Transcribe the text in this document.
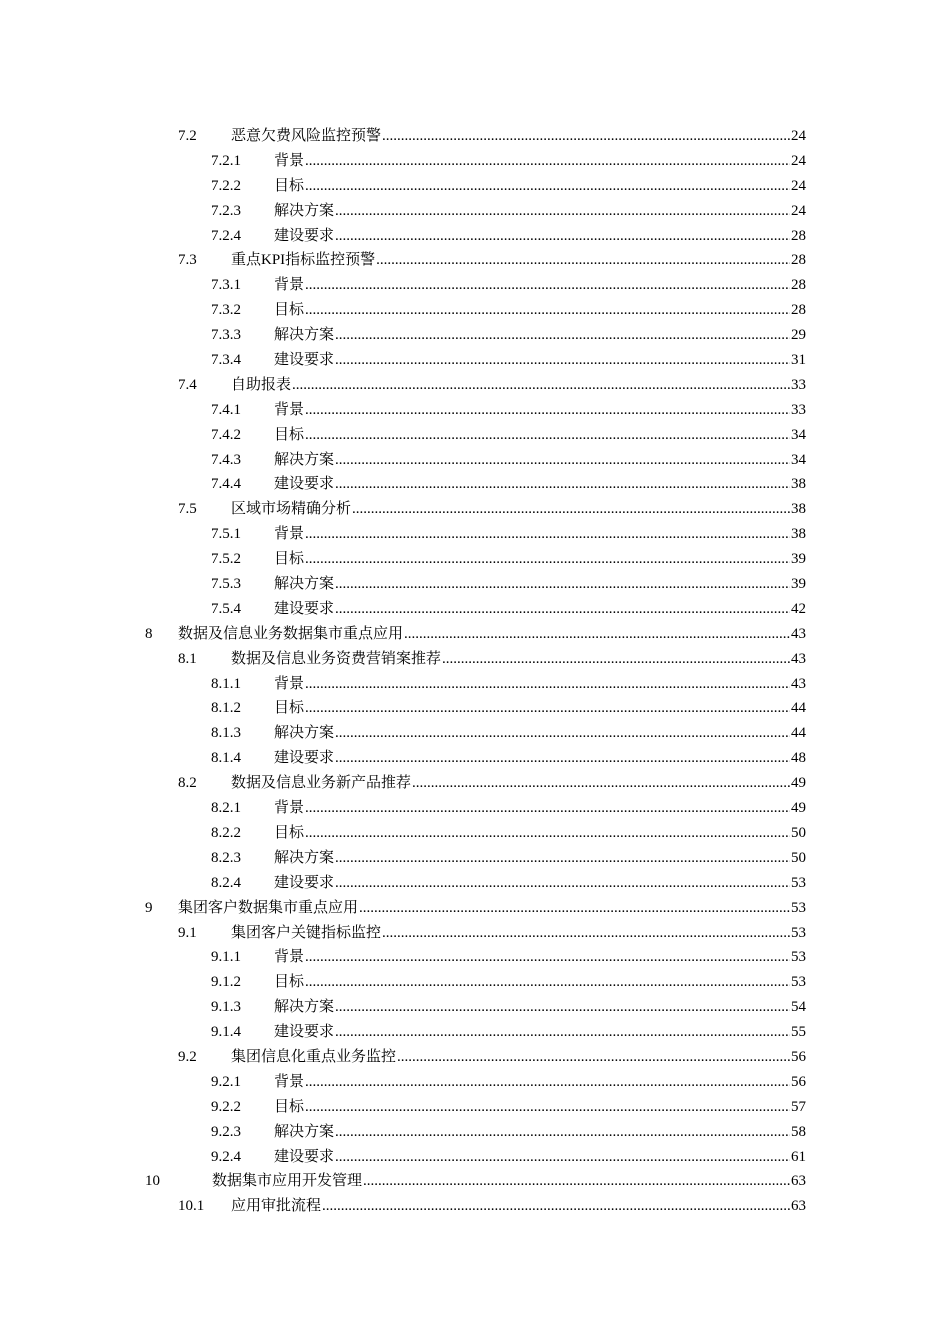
7.2 恶意欠费风险监控预警 .....	24
7.2.1 背景 .....	24
7.2.2 目标 .....	24
7.2.3 解决方案 .....	24
7.2.4 建设要求 .....	28
7.3 重点KPI指标监控预警 .....	28
7.3.1 背景 .....	28
7.3.2 目标 .....	28
7.3.3 解决方案 .....	29
7.3.4 建设要求 .....	31
7.4 自助报表 .....	33
7.4.1 背景 .....	33
7.4.2 目标 .....	34
7.4.3 解决方案 .....	34
7.4.4 建设要求 .....	38
7.5 区域市场精确分析 .....	38
7.5.1 背景 .....	38
7.5.2 目标 .....	39
7.5.3 解决方案 .....	39
7.5.4 建设要求 .....	42
8 数据及信息业务数据集市重点应用 .....	43
8.1 数据及信息业务资费营销案推荐 .....	43
8.1.1 背景 .....	43
8.1.2 目标 .....	44
8.1.3 解决方案 .....	44
8.1.4 建设要求 .....	48
8.2 数据及信息业务新产品推荐 .....	49
8.2.1 背景 .....	49
8.2.2 目标 .....	50
8.2.3 解决方案 .....	50
8.2.4 建设要求 .....	53
9 集团客户数据集市重点应用 .....	53
9.1 集团客户关键指标监控 .....	53
9.1.1 背景 .....	53
9.1.2 目标 .....	53
9.1.3 解决方案 .....	54
9.1.4 建设要求 .....	55
9.2 集团信息化重点业务监控 .....	56
9.2.1 背景 .....	56
9.2.2 目标 .....	57
9.2.3 解决方案 .....	58
9.2.4 建设要求 .....	61
10	数据集市应用开发管理 .....	63
10.1 应用审批流程 .....	63
